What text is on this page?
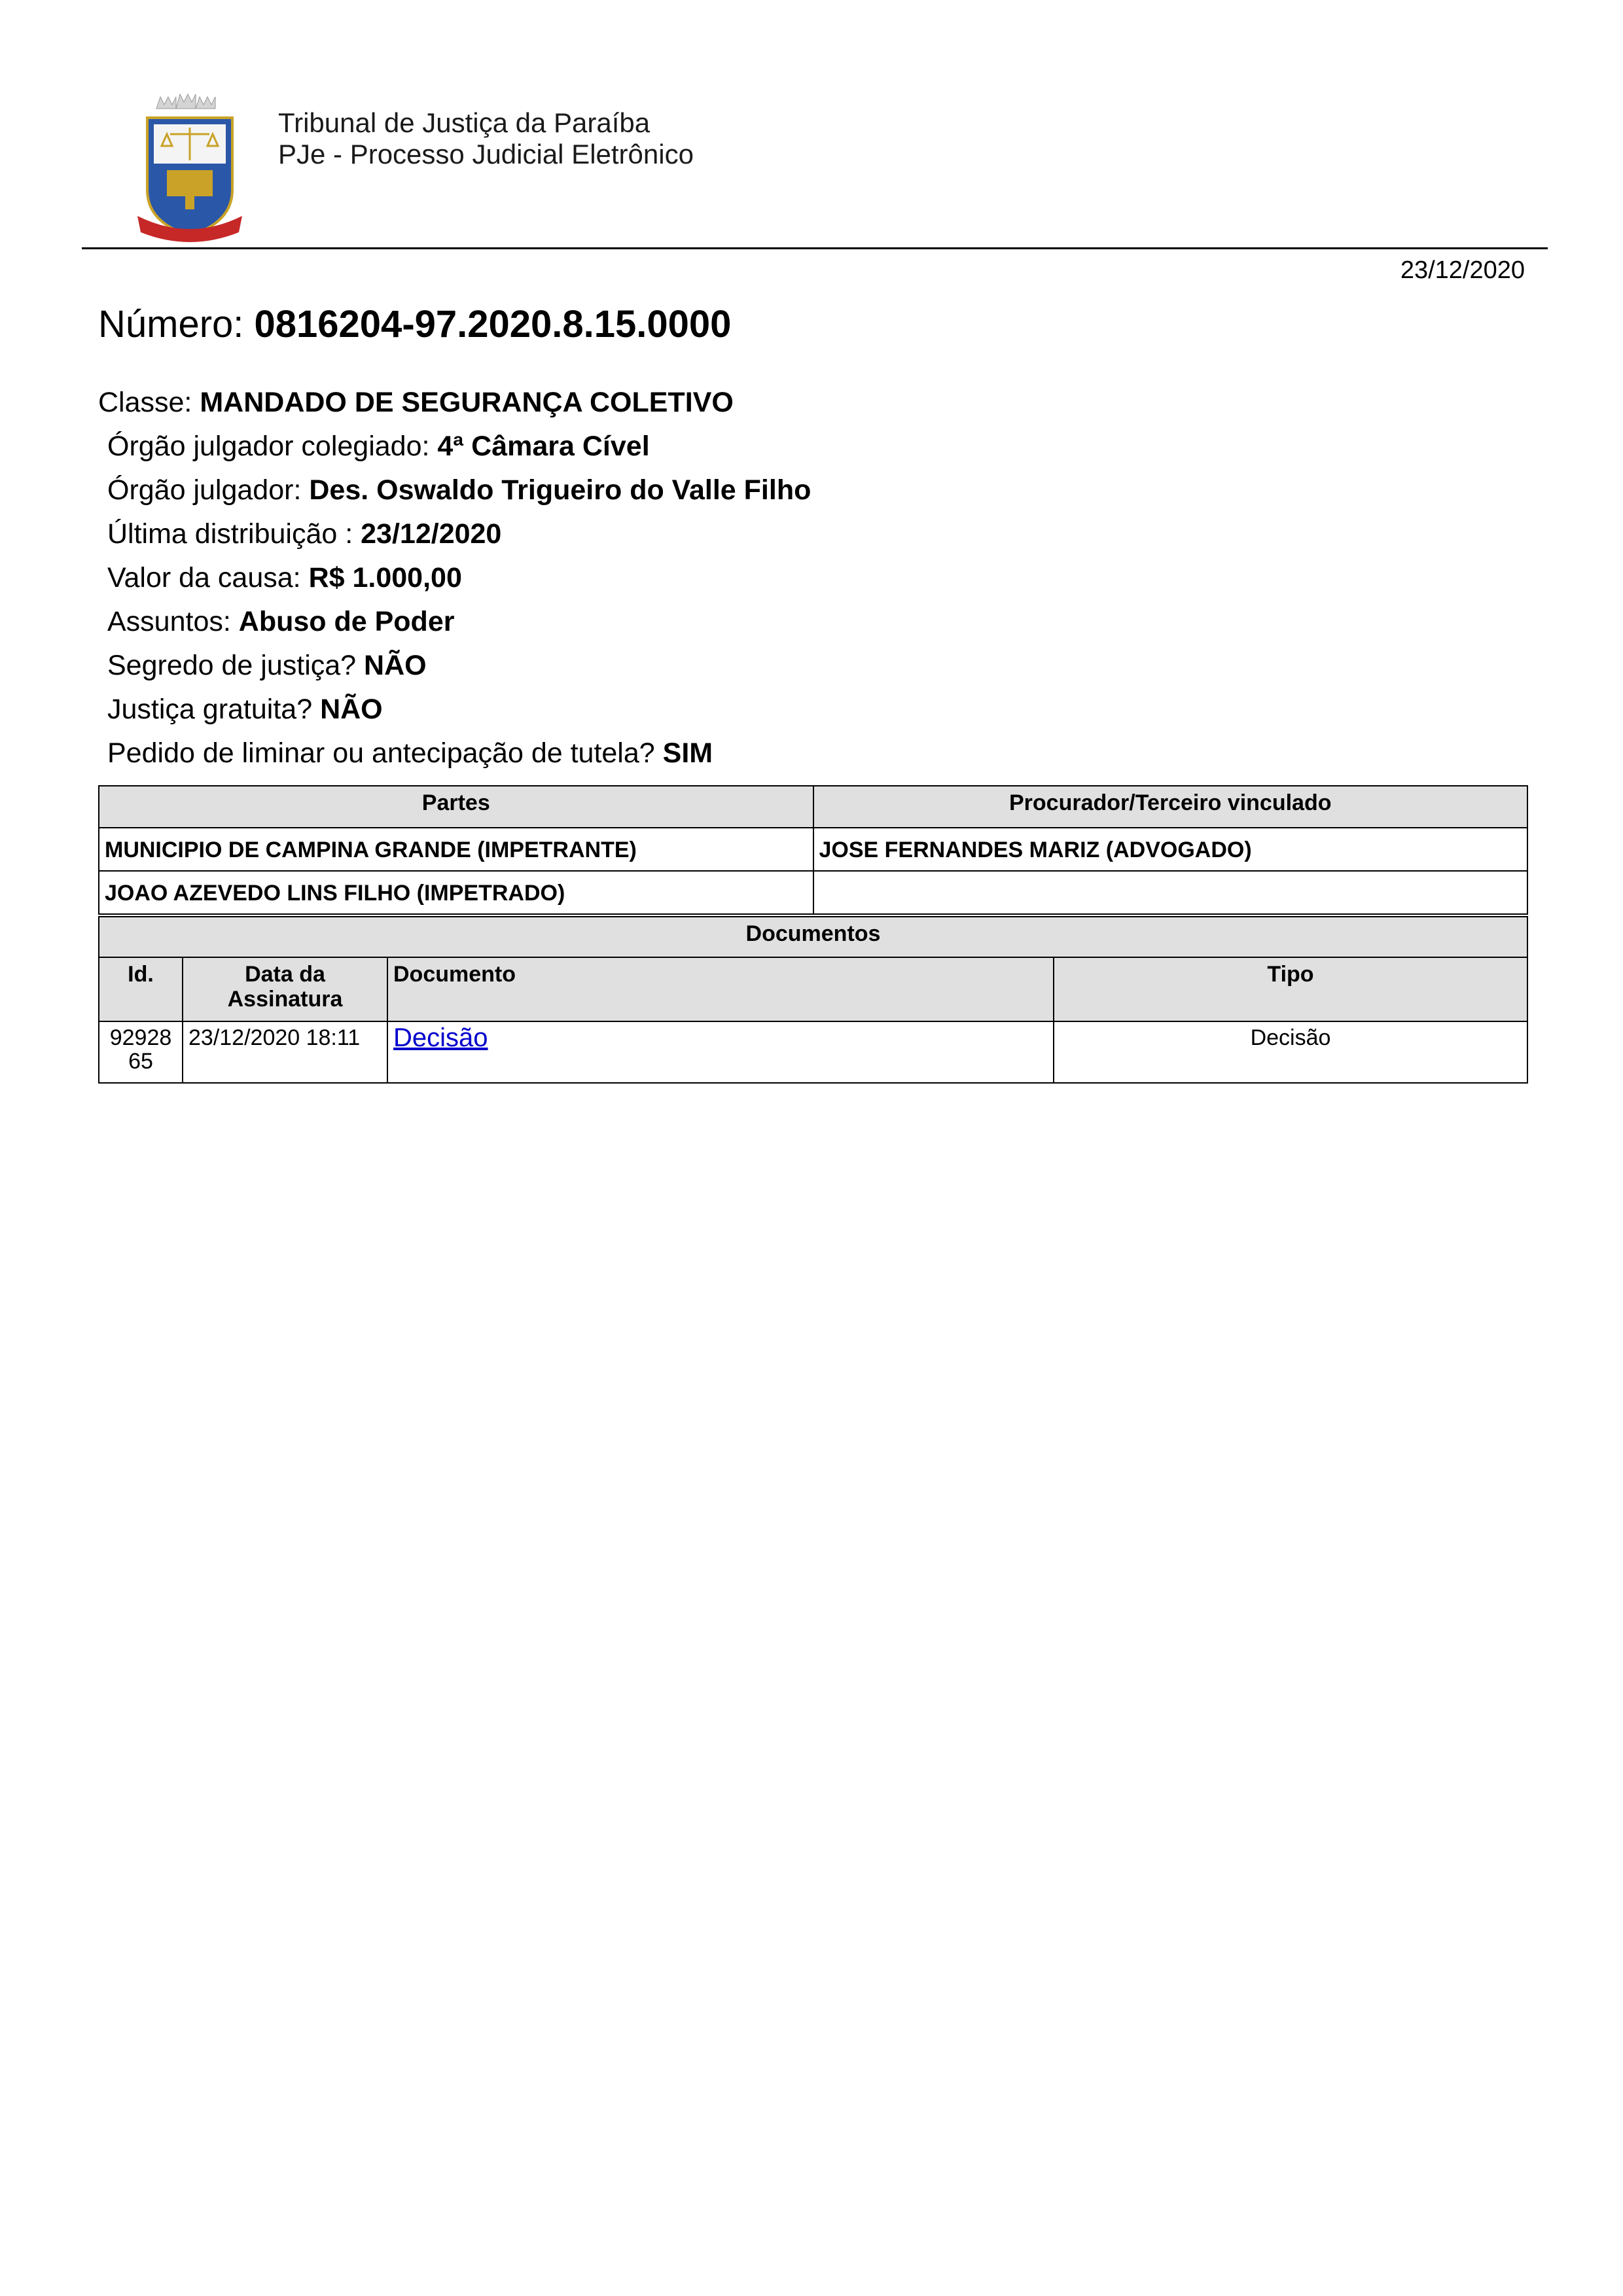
Tribunal de Justiça da Paraíba
PJe - Processo Judicial Eletrônico
23/12/2020
Número: 0816204-97.2020.8.15.0000
Classe: MANDADO DE SEGURANÇA COLETIVO
Órgão julgador colegiado: 4ª Câmara Cível
Órgão julgador: Des. Oswaldo Trigueiro do Valle Filho
Última distribuição : 23/12/2020
Valor da causa: R$ 1.000,00
Assuntos: Abuso de Poder
Segredo de justiça? NÃO
Justiça gratuita? NÃO
Pedido de liminar ou antecipação de tutela? SIM
Partes	Procurador/Terceiro vinculado
MUNICIPIO DE CAMPINA GRANDE (IMPETRANTE)	JOSE FERNANDES MARIZ (ADVOGADO)
JOAO AZEVEDO LINS FILHO (IMPETRADO)	
Documentos			
Id.	Data da Assinatura	Documento	Tipo
92928 65	23/12/2020 18:11	Decisão	Decisão
